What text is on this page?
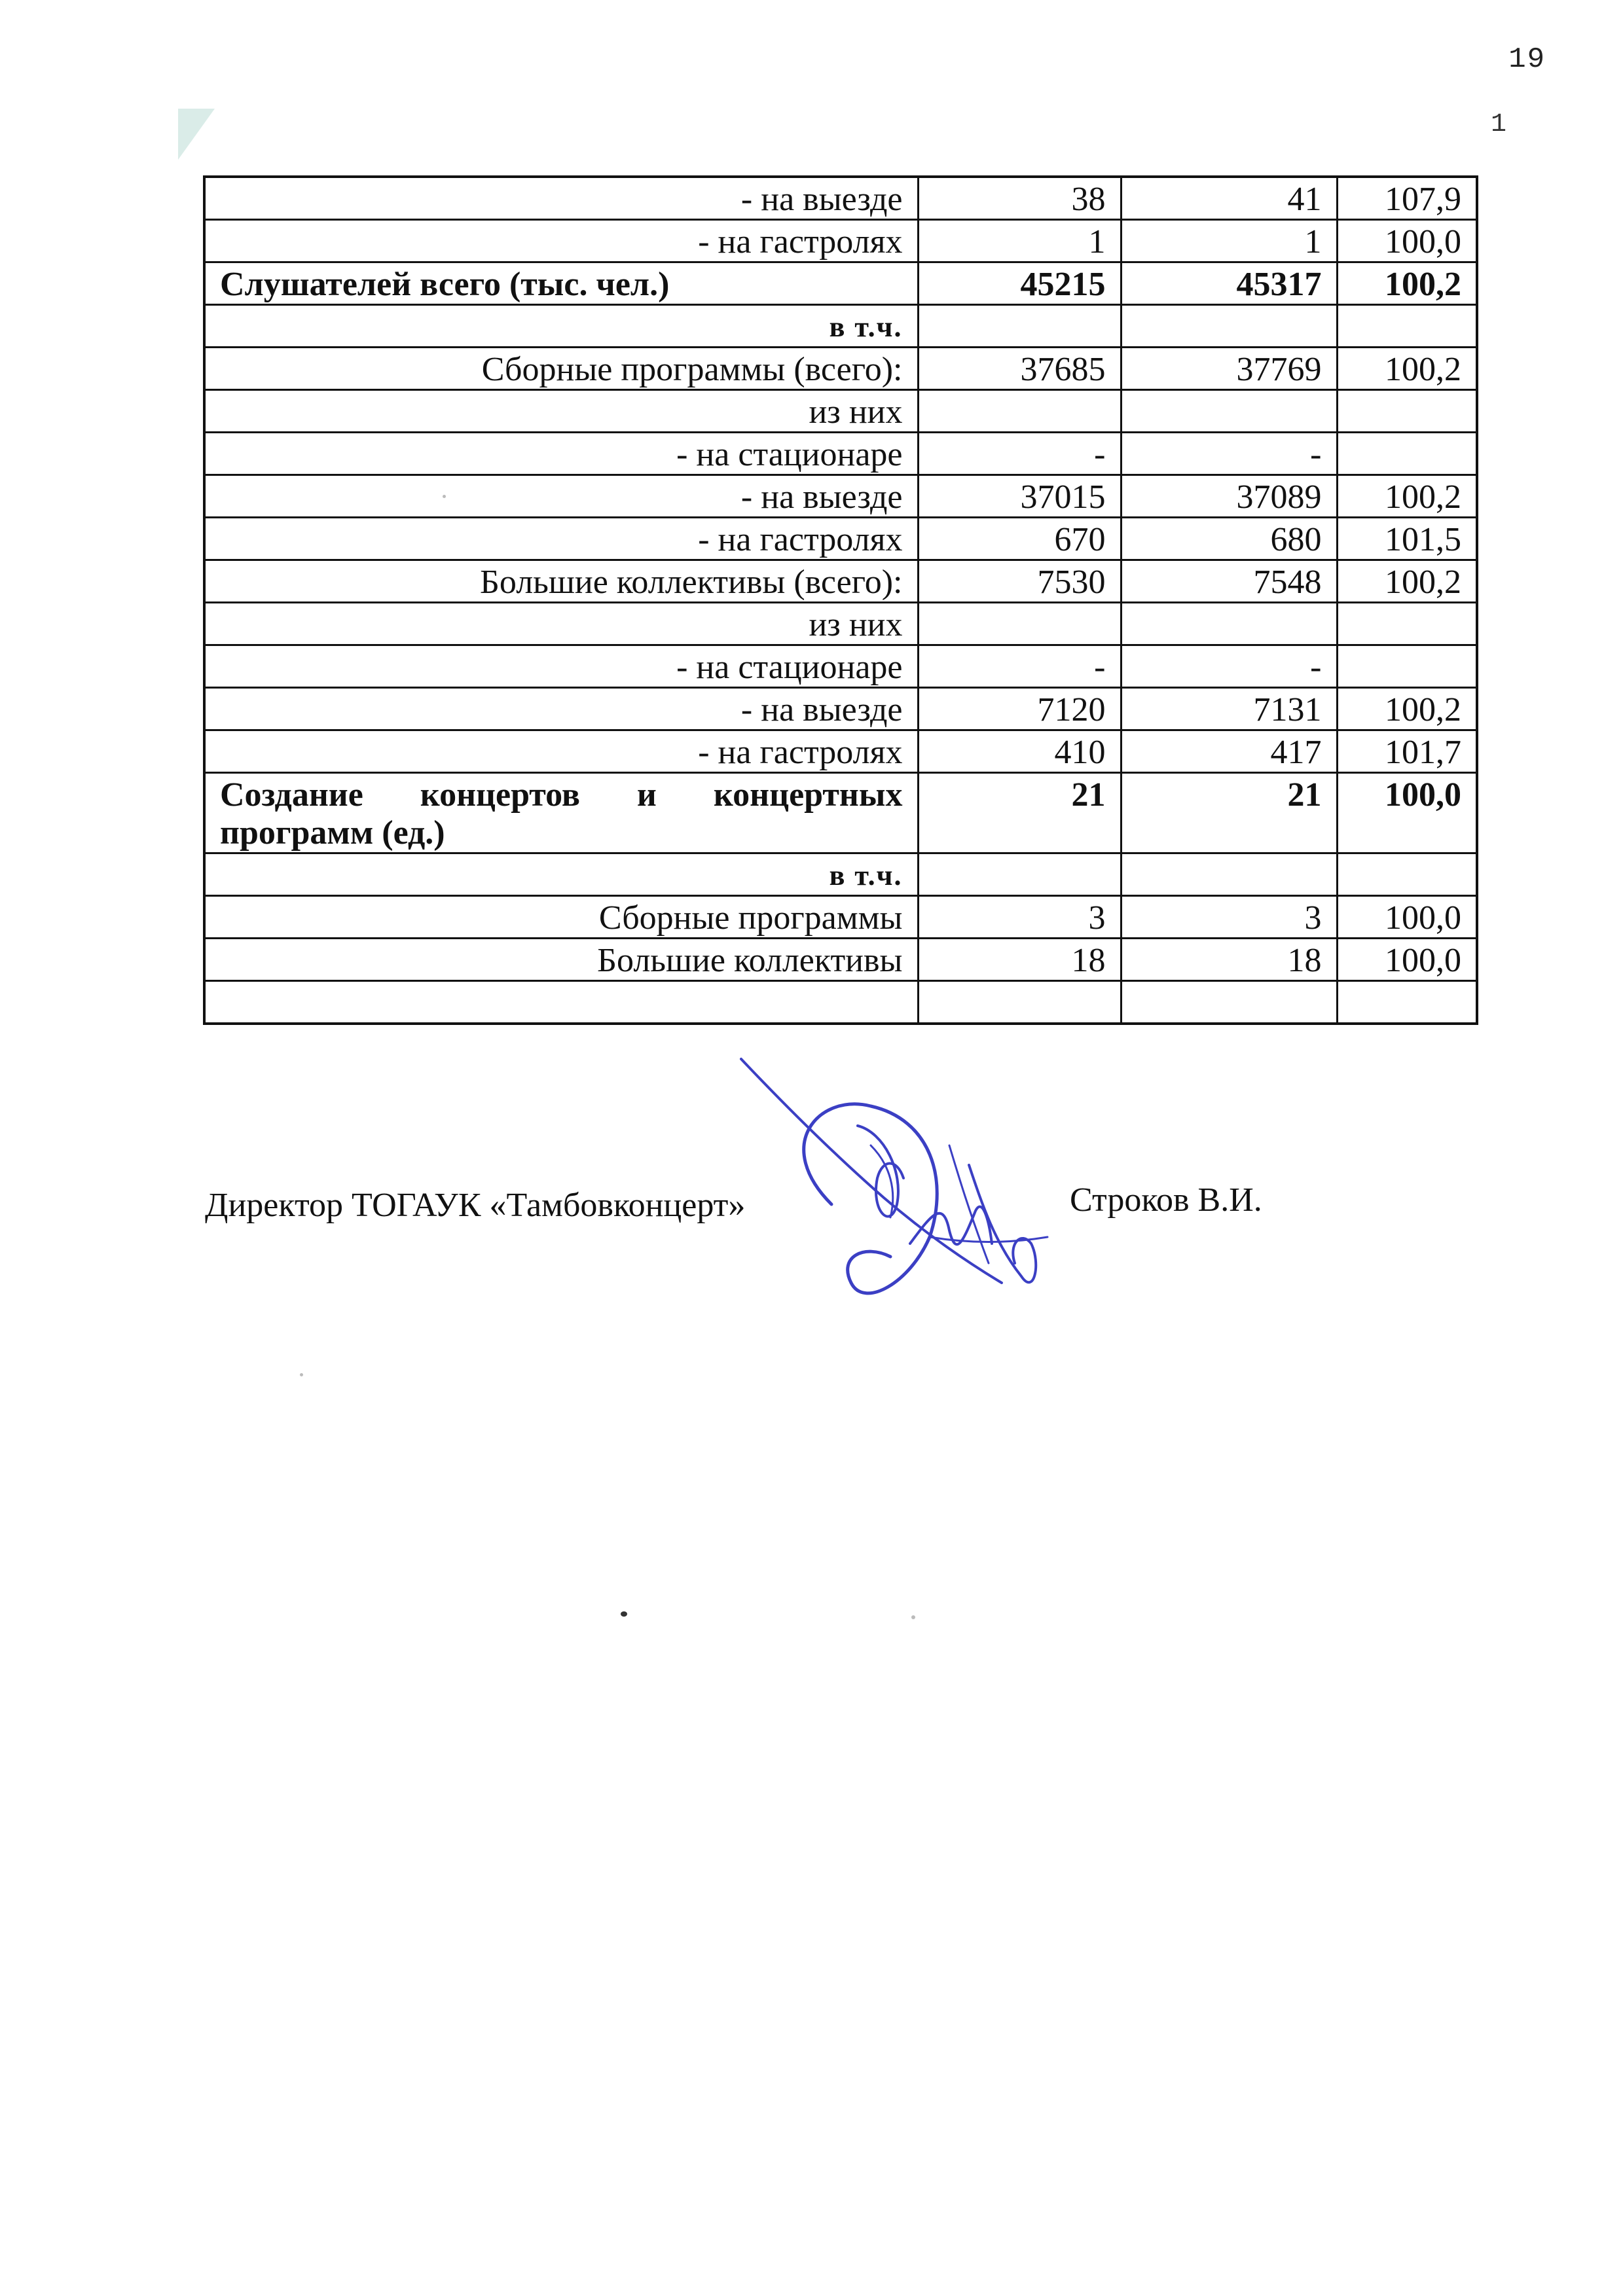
19
1
- на выезде	38	41	107,9
- на гастролях	1	1	100,0
Слушателей всего (тыс. чел.)	45215	45317	100,2
в т.ч.			
Сборные программы (всего):	37685	37769	100,2
из них			
- на стационаре	-	-	
- на выезде	37015	37089	100,2
- на гастролях	670	680	101,5
Большие коллективы (всего):	7530	7548	100,2
из них			
- на стационаре	-	-	
- на выезде	7120	7131	100,2
- на гастролях	410	417	101,7
Создание концертов и концертных программ (ед.)	21	21	100,0
в т.ч.			
Сборные программы	3	3	100,0
Большие коллективы	18	18	100,0

Директор ТОГАУК «Тамбовконцерт»	Строков В.И.
